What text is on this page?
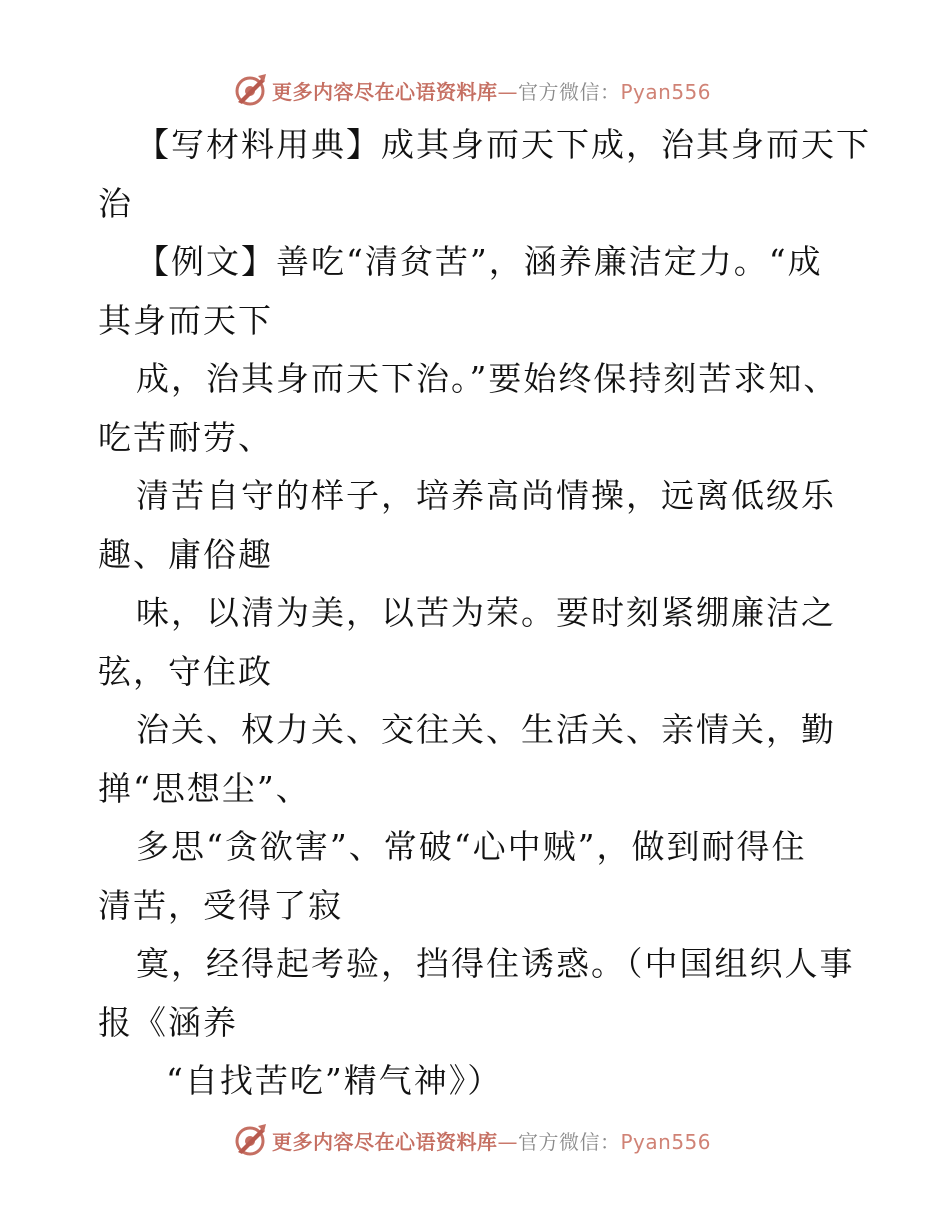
更多内容尽在心语资料库—官方微信：Pyan556
【写材料用典】成其身而天下成，治其身而天下
治
【例文】善吃“清贫苦”，涵养廉洁定力。“成
其身而天下
成，治其身而天下治。”要始终保持刻苦求知、
吃苦耐劳、
清苦自守的样子，培养高尚情操，远离低级乐
趣、庸俗趣
味，以清为美，以苦为荣。要时刻紧绷廉洁之
弦，守住政
治关、权力关、交往关、生活关、亲情关，勤
掸“思想尘”、
多思“贪欲害”、常破“心中贼”，做到耐得住
清苦，受得了寂
寞，经得起考验，挡得住诱惑。（中国组织人事
报《涵养
“自找苦吃”精气神》）
更多内容尽在心语资料库—官方微信：Pyan556
